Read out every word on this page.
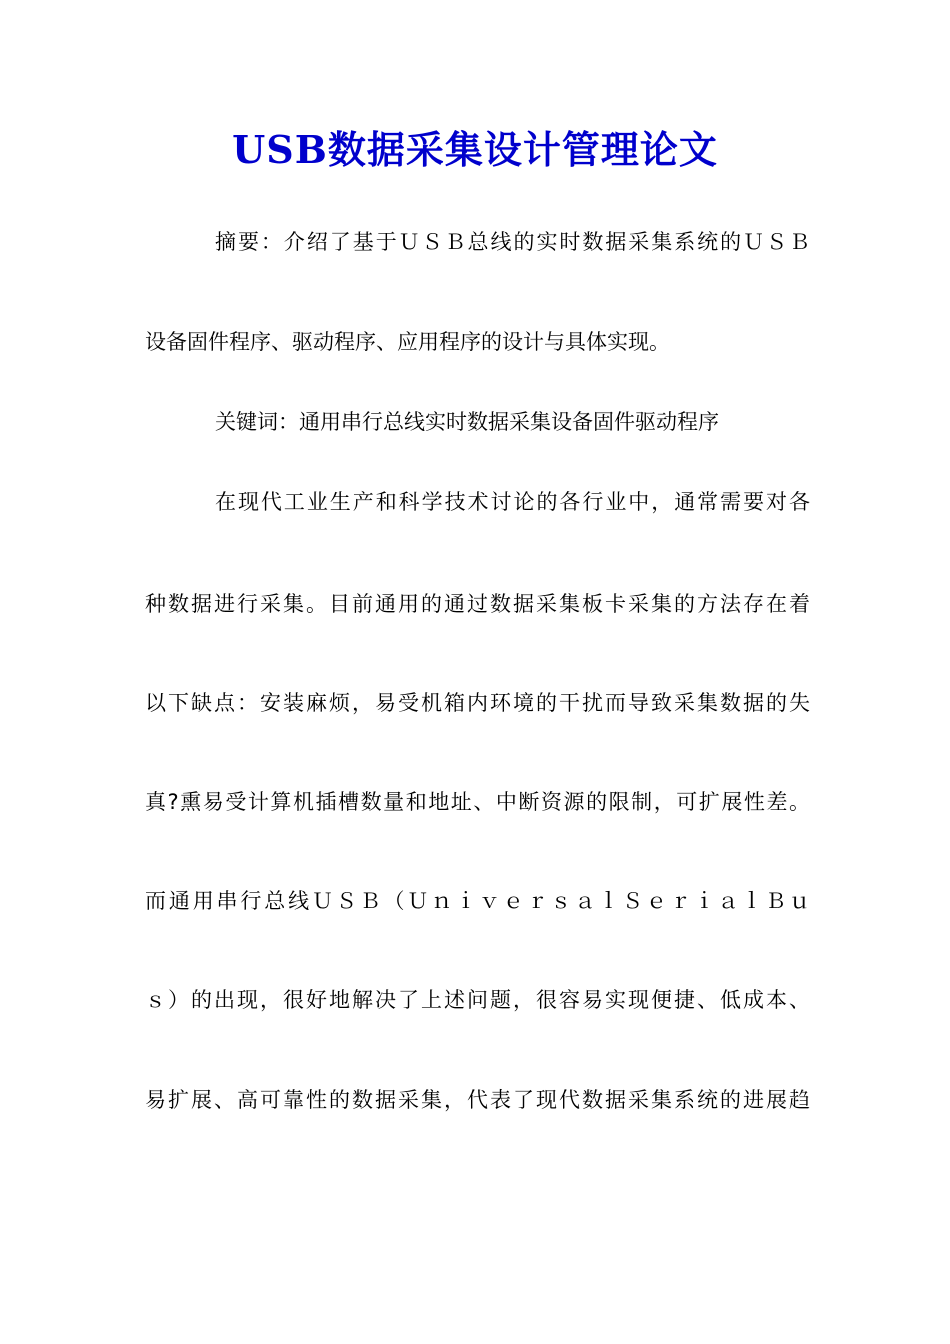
USB数据采集设计管理论文
摘要：介绍了基于ＵＳＢ总线的实时数据采集系统的ＵＳＢ
设备固件程序、驱动程序、应用程序的设计与具体实现。
关键词：通用串行总线实时数据采集设备固件驱动程序
在现代工业生产和科学技术讨论的各行业中，通常需要对各
种数据进行采集。目前通用的通过数据采集板卡采集的方法存在着
以下缺点：安装麻烦，易受机箱内环境的干扰而导致采集数据的失
真?熏易受计算机插槽数量和地址、中断资源的限制，可扩展性差。
而通用串行总线ＵＳＢ（ＵｎｉｖｅｒｓａｌＳｅｒｉａｌＢｕ
ｓ）的出现，很好地解决了上述问题，很容易实现便捷、低成本、
易扩展、高可靠性的数据采集，代表了现代数据采集系统的进展趋
